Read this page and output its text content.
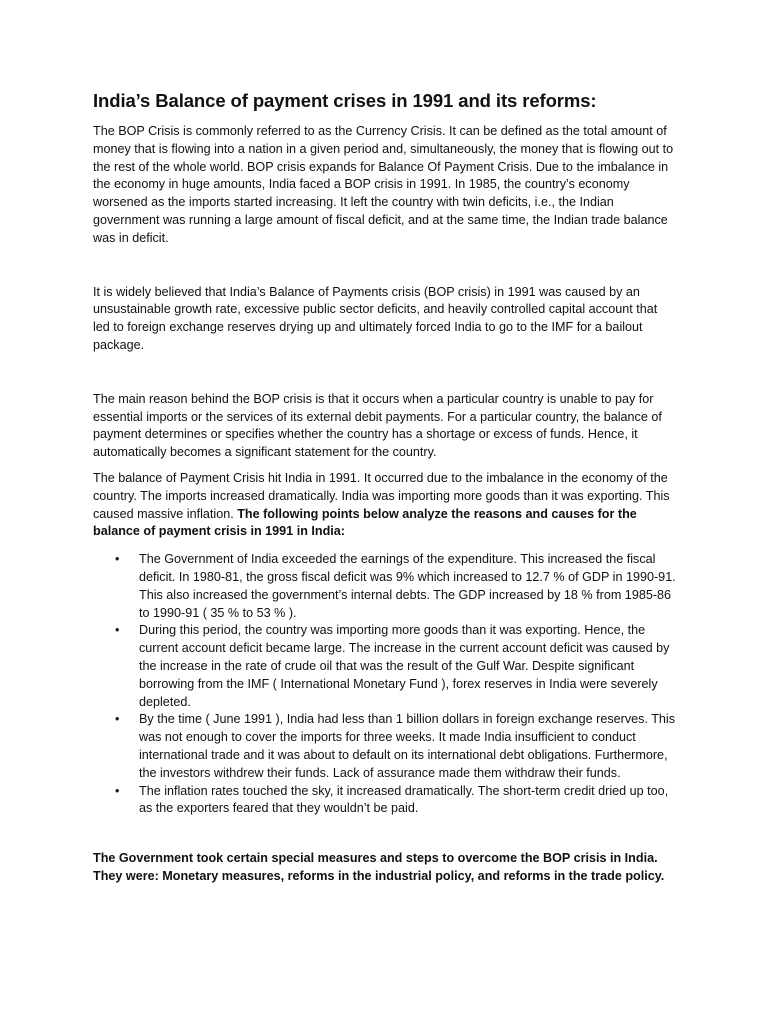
India’s Balance of payment crises in 1991 and its reforms:

The BOP Crisis is commonly referred to as the Currency Crisis. It can be defined as the total amount of money that is flowing into a nation in a given period and, simultaneously, the money that is flowing out to the rest of the whole world. BOP crisis expands for Balance Of Payment Crisis. Due to the imbalance in the economy in huge amounts, India faced a BOP crisis in 1991. In 1985, the country’s economy worsened as the imports started increasing. It left the country with twin deficits, i.e., the Indian government was running a large amount of fiscal deficit, and at the same time, the Indian trade balance was in deficit.

It is widely believed that India’s Balance of Payments crisis (BOP crisis) in 1991 was caused by an unsustainable growth rate, excessive public sector deficits, and heavily controlled capital account that led to foreign exchange reserves drying up and ultimately forced India to go to the IMF for a bailout package.

The main reason behind the BOP crisis is that it occurs when a particular country is unable to pay for essential imports or the services of its external debit payments. For a particular country, the balance of payment determines or specifies whether the country has a shortage or excess of funds. Hence, it automatically becomes a significant statement for the country.

The balance of Payment Crisis hit India in 1991. It occurred due to the imbalance in the economy of the country. The imports increased dramatically. India was importing more goods than it was exporting. This caused massive inflation. The following points below analyze the reasons and causes for the balance of payment crisis in 1991 in India:

• The Government of India exceeded the earnings of the expenditure. This increased the fiscal deficit. In 1980-81, the gross fiscal deficit was 9% which increased to 12.7 % of GDP in 1990-91. This also increased the government’s internal debts. The GDP increased by 18 % from 1985-86 to 1990-91 ( 35 % to 53 % ).
• During this period, the country was importing more goods than it was exporting. Hence, the current account deficit became large. The increase in the current account deficit was caused by the increase in the rate of crude oil that was the result of the Gulf War. Despite significant borrowing from the IMF ( International Monetary Fund ), forex reserves in India were severely depleted.
• By the time ( June 1991 ), India had less than 1 billion dollars in foreign exchange reserves. This was not enough to cover the imports for three weeks. It made India insufficient to conduct international trade and it was about to default on its international debt obligations. Furthermore, the investors withdrew their funds. Lack of assurance made them withdraw their funds.
• The inflation rates touched the sky, it increased dramatically. The short-term credit dried up too, as the exporters feared that they wouldn’t be paid.

The Government took certain special measures and steps to overcome the BOP crisis in India. They were: Monetary measures, reforms in the industrial policy, and reforms in the trade policy.
